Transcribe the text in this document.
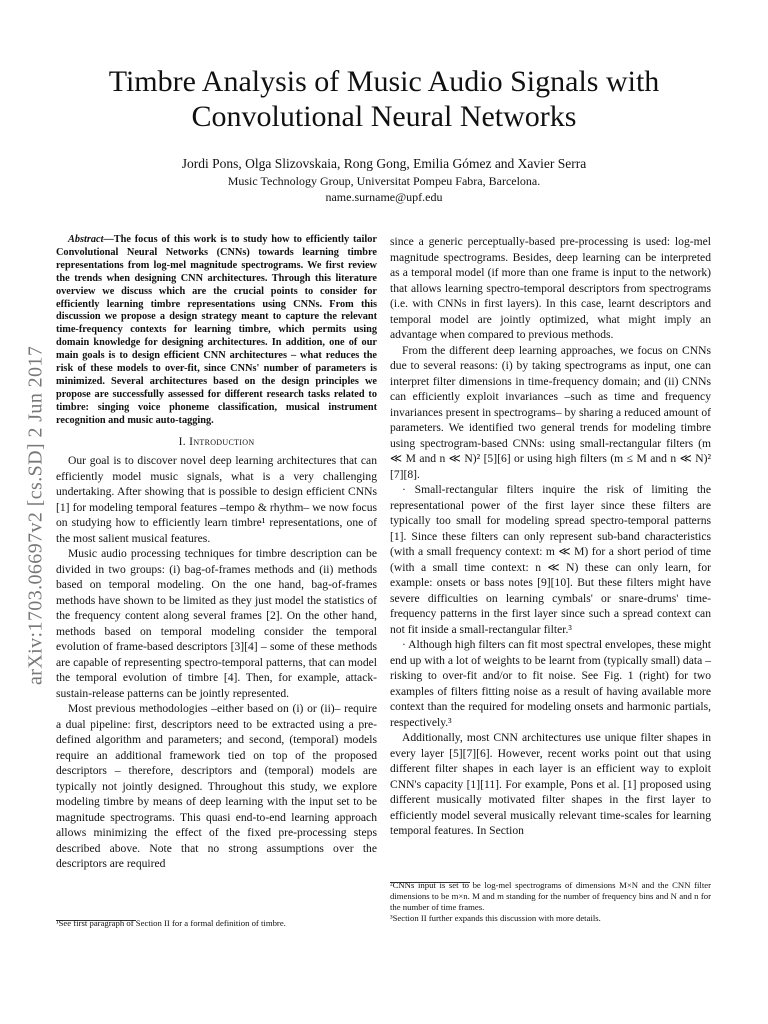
arXiv:1703.06697v2 [cs.SD] 2 Jun 2017
Timbre Analysis of Music Audio Signals with
Convolutional Neural Networks
Jordi Pons, Olga Slizovskaia, Rong Gong, Emilia Gómez and Xavier Serra
Music Technology Group, Universitat Pompeu Fabra, Barcelona.
name.surname@upf.edu

Abstract—The focus of this work is to study how to efficiently tailor Convolutional Neural Networks (CNNs) towards learning timbre representations from log-mel magnitude spectrograms. We first review the trends when designing CNN architectures. Through this literature overview we discuss which are the crucial points to consider for efficiently learning timbre representations using CNNs. From this discussion we propose a design strategy meant to capture the relevant time-frequency contexts for learning timbre, which permits using domain knowledge for designing architectures. In addition, one of our main goals is to design efficient CNN architectures – what reduces the risk of these models to over-fit, since CNNs' number of parameters is minimized. Several architectures based on the design principles we propose are successfully assessed for different research tasks related to timbre: singing voice phoneme classification, musical instrument recognition and music auto-tagging.

I. Introduction

Our goal is to discover novel deep learning architectures that can efficiently model music signals, what is a very challenging undertaking. After showing that is possible to design efficient CNNs [1] for modeling temporal features –tempo & rhythm– we now focus on studying how to efficiently learn timbre¹ representations, one of the most salient musical features.

Music audio processing techniques for timbre description can be divided in two groups: (i) bag-of-frames methods and (ii) methods based on temporal modeling. On the one hand, bag-of-frames methods have shown to be limited as they just model the statistics of the frequency content along several frames [2]. On the other hand, methods based on temporal modeling consider the temporal evolution of frame-based descriptors [3][4] – some of these methods are capable of representing spectro-temporal patterns, that can model the temporal evolution of timbre [4]. Then, for example, attack-sustain-release patterns can be jointly represented.

Most previous methodologies –either based on (i) or (ii)– require a dual pipeline: first, descriptors need to be extracted using a pre-defined algorithm and parameters; and second, (temporal) models require an additional framework tied on top of the proposed descriptors – therefore, descriptors and (temporal) models are typically not jointly designed. Throughout this study, we explore modeling timbre by means of deep learning with the input set to be magnitude spectrograms. This quasi end-to-end learning approach allows minimizing the effect of the fixed pre-processing steps described above. Note that no strong assumptions over the descriptors are required

¹See first paragraph of Section II for a formal definition of timbre.

since a generic perceptually-based pre-processing is used: log-mel magnitude spectrograms. Besides, deep learning can be interpreted as a temporal model (if more than one frame is input to the network) that allows learning spectro-temporal descriptors from spectrograms (i.e. with CNNs in first layers). In this case, learnt descriptors and temporal model are jointly optimized, what might imply an advantage when compared to previous methods.

From the different deep learning approaches, we focus on CNNs due to several reasons: (i) by taking spectrograms as input, one can interpret filter dimensions in time-frequency domain; and (ii) CNNs can efficiently exploit invariances –such as time and frequency invariances present in spectrograms– by sharing a reduced amount of parameters. We identified two general trends for modeling timbre using spectrogram-based CNNs: using small-rectangular filters (m ≪ M and n ≪ N)² [5][6] or using high filters (m ≤ M and n ≪ N)² [7][8].

· Small-rectangular filters inquire the risk of limiting the representational power of the first layer since these filters are typically too small for modeling spread spectro-temporal patterns [1]. Since these filters can only represent sub-band characteristics (with a small frequency context: m ≪ M) for a short period of time (with a small time context: n ≪ N) these can only learn, for example: onsets or bass notes [9][10]. But these filters might have severe difficulties on learning cymbals' or snare-drums' time-frequency patterns in the first layer since such a spread context can not fit inside a small-rectangular filter.³

· Although high filters can fit most spectral envelopes, these might end up with a lot of weights to be learnt from (typically small) data – risking to over-fit and/or to fit noise. See Fig. 1 (right) for two examples of filters fitting noise as a result of having available more context than the required for modeling onsets and harmonic partials, respectively.³

Additionally, most CNN architectures use unique filter shapes in every layer [5][7][6]. However, recent works point out that using different filter shapes in each layer is an efficient way to exploit CNN's capacity [1][11]. For example, Pons et al. [1] proposed using different musically motivated filter shapes in the first layer to efficiently model several musically relevant time-scales for learning temporal features. In Section

²CNNs input is set to be log-mel spectrograms of dimensions M×N and the CNN filter dimensions to be m×n. M and m standing for the number of frequency bins and N and n for the number of time frames.
³Section II further expands this discussion with more details.
